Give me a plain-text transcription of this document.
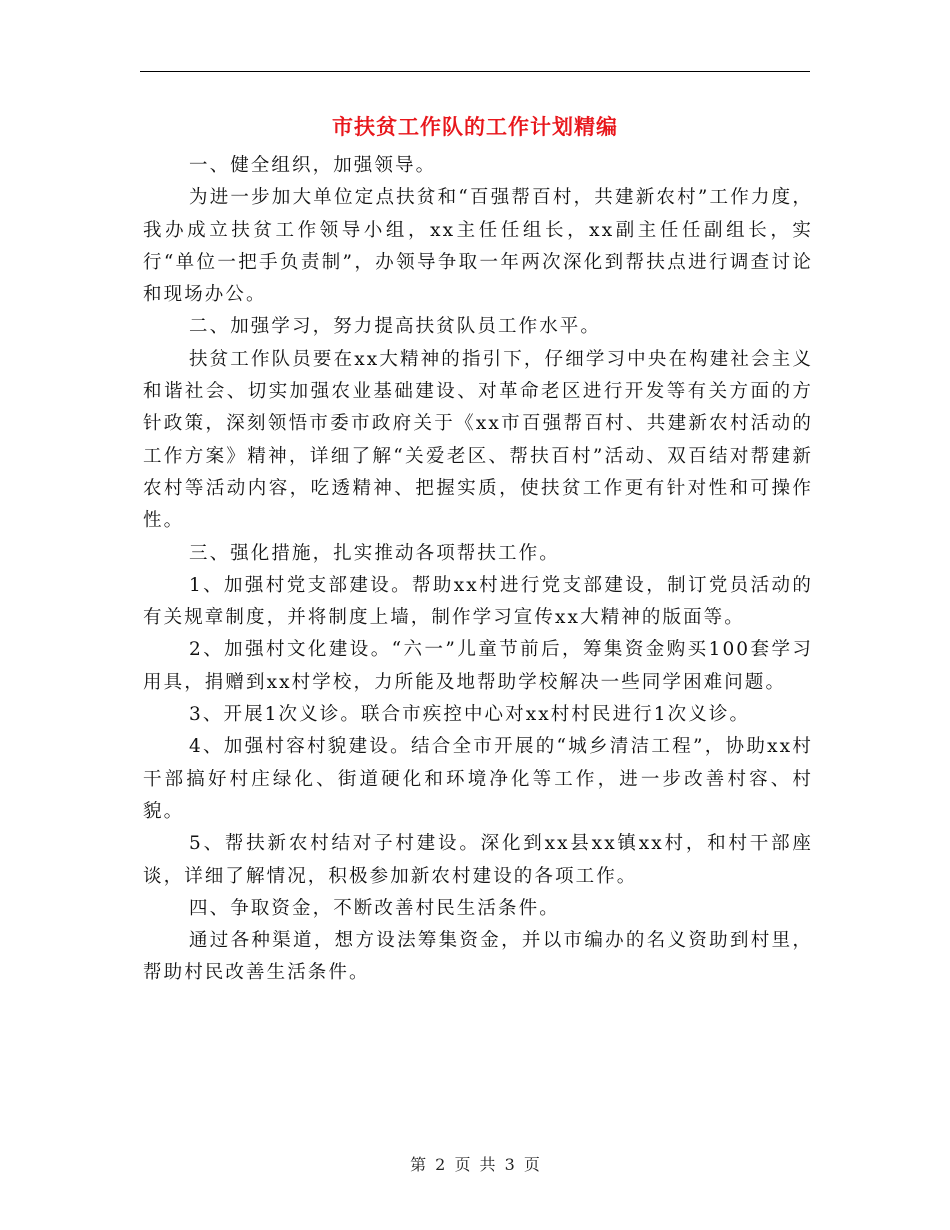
市扶贫工作队的工作计划精编

一、健全组织，加强领导。

为进一步加大单位定点扶贫和“百强帮百村，共建新农村”工作力度，我办成立扶贫工作领导小组，xx主任任组长，xx副主任任副组长，实行“单位一把手负责制”，办领导争取一年两次深化到帮扶点进行调查讨论和现场办公。

二、加强学习，努力提高扶贫队员工作水平。

扶贫工作队员要在xx大精神的指引下，仔细学习中央在构建社会主义和谐社会、切实加强农业基础建设、对革命老区进行开发等有关方面的方针政策，深刻领悟市委市政府关于《xx市百强帮百村、共建新农村活动的工作方案》精神，详细了解“关爱老区、帮扶百村”活动、双百结对帮建新农村等活动内容，吃透精神、把握实质，使扶贫工作更有针对性和可操作性。

三、强化措施，扎实推动各项帮扶工作。

1、加强村党支部建设。帮助xx村进行党支部建设，制订党员活动的有关规章制度，并将制度上墙，制作学习宣传xx大精神的版面等。

2、加强村文化建设。“六一”儿童节前后，筹集资金购买100套学习用具，捐赠到xx村学校，力所能及地帮助学校解决一些同学困难问题。

3、开展1次义诊。联合市疾控中心对xx村村民进行1次义诊。

4、加强村容村貌建设。结合全市开展的“城乡清洁工程”，协助xx村干部搞好村庄绿化、街道硬化和环境净化等工作，进一步改善村容、村貌。

5、帮扶新农村结对子村建设。深化到xx县xx镇xx村，和村干部座谈，详细了解情况，积极参加新农村建设的各项工作。

四、争取资金，不断改善村民生活条件。

通过各种渠道，想方设法筹集资金，并以市编办的名义资助到村里，帮助村民改善生活条件。

第 2 页 共 3 页
